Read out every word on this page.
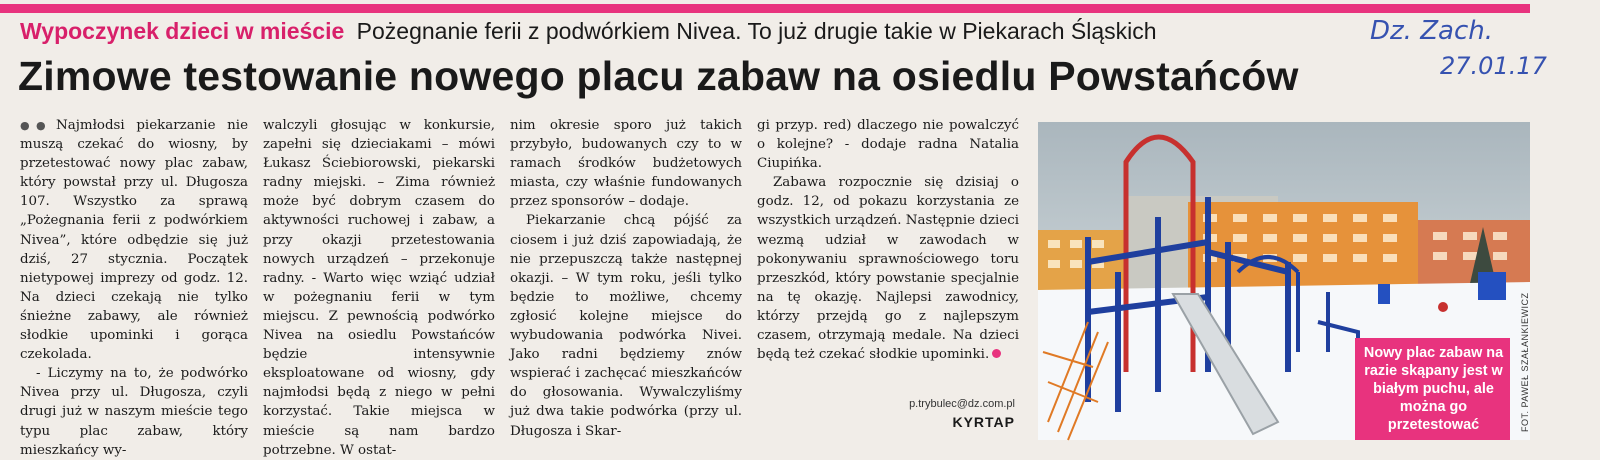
Wypoczynek dzieci w mieście Pożegnanie ferii z podwórkiem Nivea. To już drugie takie w Piekarach Śląskich
Zimowe testowanie nowego placu zabaw na osiedlu Powstańców
Dz. Zach.
27.01.17

●● Najmłodsi piekarzanie nie muszą czekać do wiosny, by przetestować nowy plac zabaw, który powstał przy ul. Długosza 107. Wszystko za sprawą „Pożegnania ferii z podwórkiem Nivea”, które odbędzie się już dziś, 27 stycznia. Początek nietypowej imprezy od godz. 12. Na dzieci czekają nie tylko śnieżne zabawy, ale również słodkie upominki i gorąca czekolada.

- Liczymy na to, że podwórko Nivea przy ul. Długosza, czyli drugi już w naszym mieście tego typu plac zabaw, który mieszkańcy wy-

walczyli głosując w konkursie, zapełni się dzieciakami – mówi Łukasz Ściebiorowski, piekarski radny miejski. – Zima również może być dobrym czasem do aktywności ruchowej i zabaw, a przy okazji przetestowania nowych urządzeń – przekonuje radny. - Warto więc wziąć udział w pożegnaniu ferii w tym miejscu. Z pewnością podwórko Nivea na osiedlu Powstańców będzie intensywnie eksploatowane od wiosny, gdy najmłodsi będą z niego w pełni korzystać. Takie miejsca w mieście są nam bardzo potrzebne. W ostat-

nim okresie sporo już takich przybyło, budowanych czy to w ramach środków budżetowych miasta, czy właśnie fundowanych przez sponsorów – dodaje.

Piekarzanie chcą pójść za ciosem i już dziś zapowiadają, że nie przepuszczą także następnej okazji. – W tym roku, jeśli tylko będzie to możliwe, chcemy zgłosić kolejne miejsce do wybudowania podwórka Nivei. Jako radni będziemy znów wspierać i zachęcać mieszkańców do głosowania. Wywalczyliśmy już dwa takie podwórka (przy ul. Długosza i Skar-

gi przyp. red) dlaczego nie powalczyć o kolejne? - dodaje radna Natalia Ciupińka.

Zabawa rozpocznie się dzisiaj o godz. 12, od pokazu korzystania ze wszystkich urządzeń. Następnie dzieci wezmą udział w zawodach w pokonywaniu sprawnościowego toru przeszkód, który powstanie specjalnie na tę okazję. Najlepsi zawodnicy, którzy przejdą go z najlepszym czasem, otrzymają medale. Na dzieci będą też czekać słodkie upominki.

p.trybulec@dz.com.pl
KYRTAP
Nowy plac zabaw na razie skąpany jest w białym puchu, ale można go przetestować	FOT. PAWEŁ SZAŁANKIEWICZ
